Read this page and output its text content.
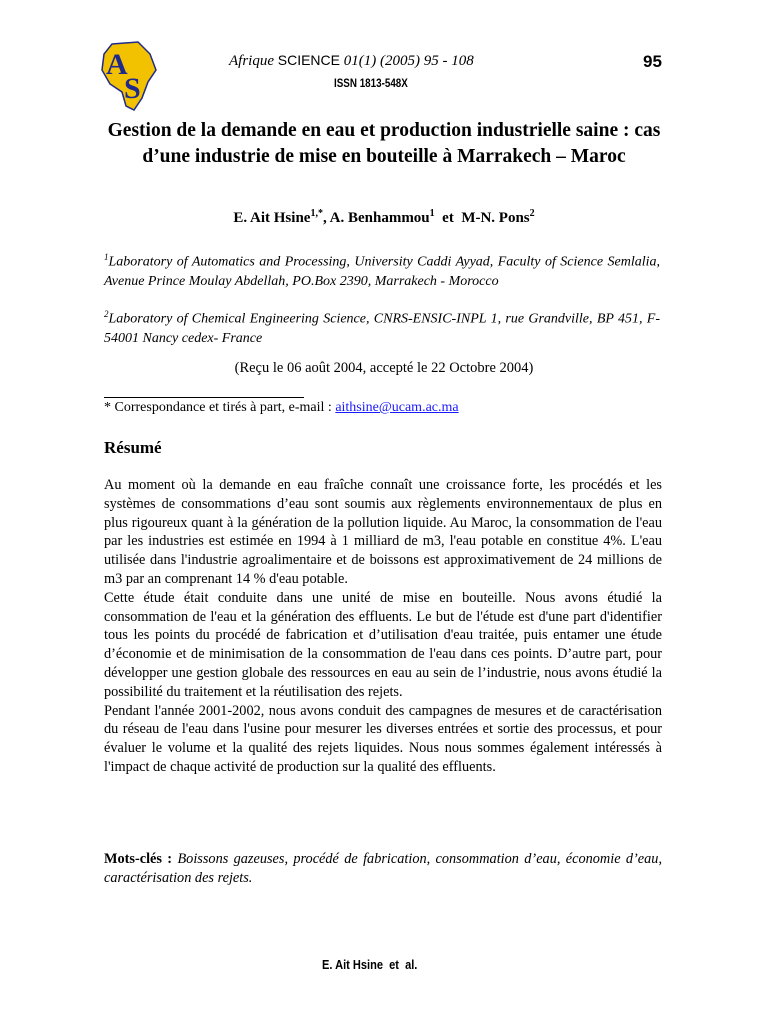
A
S
Afrique SCIENCE 01(1) (2005) 95 - 108
ISSN 1813-548X
95
Gestion de la demande en eau et production industrielle saine : cas d’une industrie de mise en bouteille à Marrakech – Maroc
E. Ait Hsine$^{1,*}$, A. Benhammou$^1$  et  M-N. Pons$^2$
$^1$Laboratory of Automatics and Processing, University Caddi Ayyad, Faculty of Science Semlalia, Avenue Prince Moulay Abdellah, PO.Box 2390, Marrakech - Morocco
$^2$Laboratory of Chemical Engineering Science, CNRS-ENSIC-INPL 1, rue Grandville, BP 451, F-54001 Nancy cedex- France
(Reçu le 06 août 2004, accepté le 22 Octobre 2004)
* Correspondance et tirés à part, e-mail : aithsine@ucam.ac.ma
Résumé

Au moment où la demande en eau fraîche connaît une croissance forte, les procédés et les systèmes de consommations d’eau sont soumis aux règlements environnementaux de plus en plus rigoureux quant à la génération de la pollution liquide. Au Maroc, la consommation de l'eau par les industries est estimée en 1994 à 1 milliard de m3, l'eau potable en constitue 4%. L'eau utilisée dans l'industrie agroalimentaire et de boissons est approximativement de 24 millions de m3 par an comprenant 14 % d'eau potable.

Cette étude était conduite dans une unité de mise en bouteille. Nous avons étudié la consommation de l'eau et la génération des effluents. Le but de l'étude est d'une part d'identifier tous les points du procédé de fabrication et d’utilisation d'eau traitée, puis entamer une étude d’économie et de minimisation de la consommation de l'eau dans ces points. D’autre part, pour développer une gestion globale des ressources en eau au sein de l’industrie, nous avons étudié la possibilité du traitement et la réutilisation des rejets.

Pendant l'année 2001-2002, nous avons conduit des campagnes de mesures et de caractérisation du réseau de l'eau dans l'usine pour mesurer les diverses entrées et sortie des processus, et pour évaluer le volume et la qualité des rejets liquides. Nous nous sommes également intéressés à l'impact de chaque activité de production sur la qualité des effluents.

Mots-clés : Boissons gazeuses, procédé de fabrication, consommation d’eau, économie d’eau, caractérisation des rejets.
E. Ait Hsine  et  al.
